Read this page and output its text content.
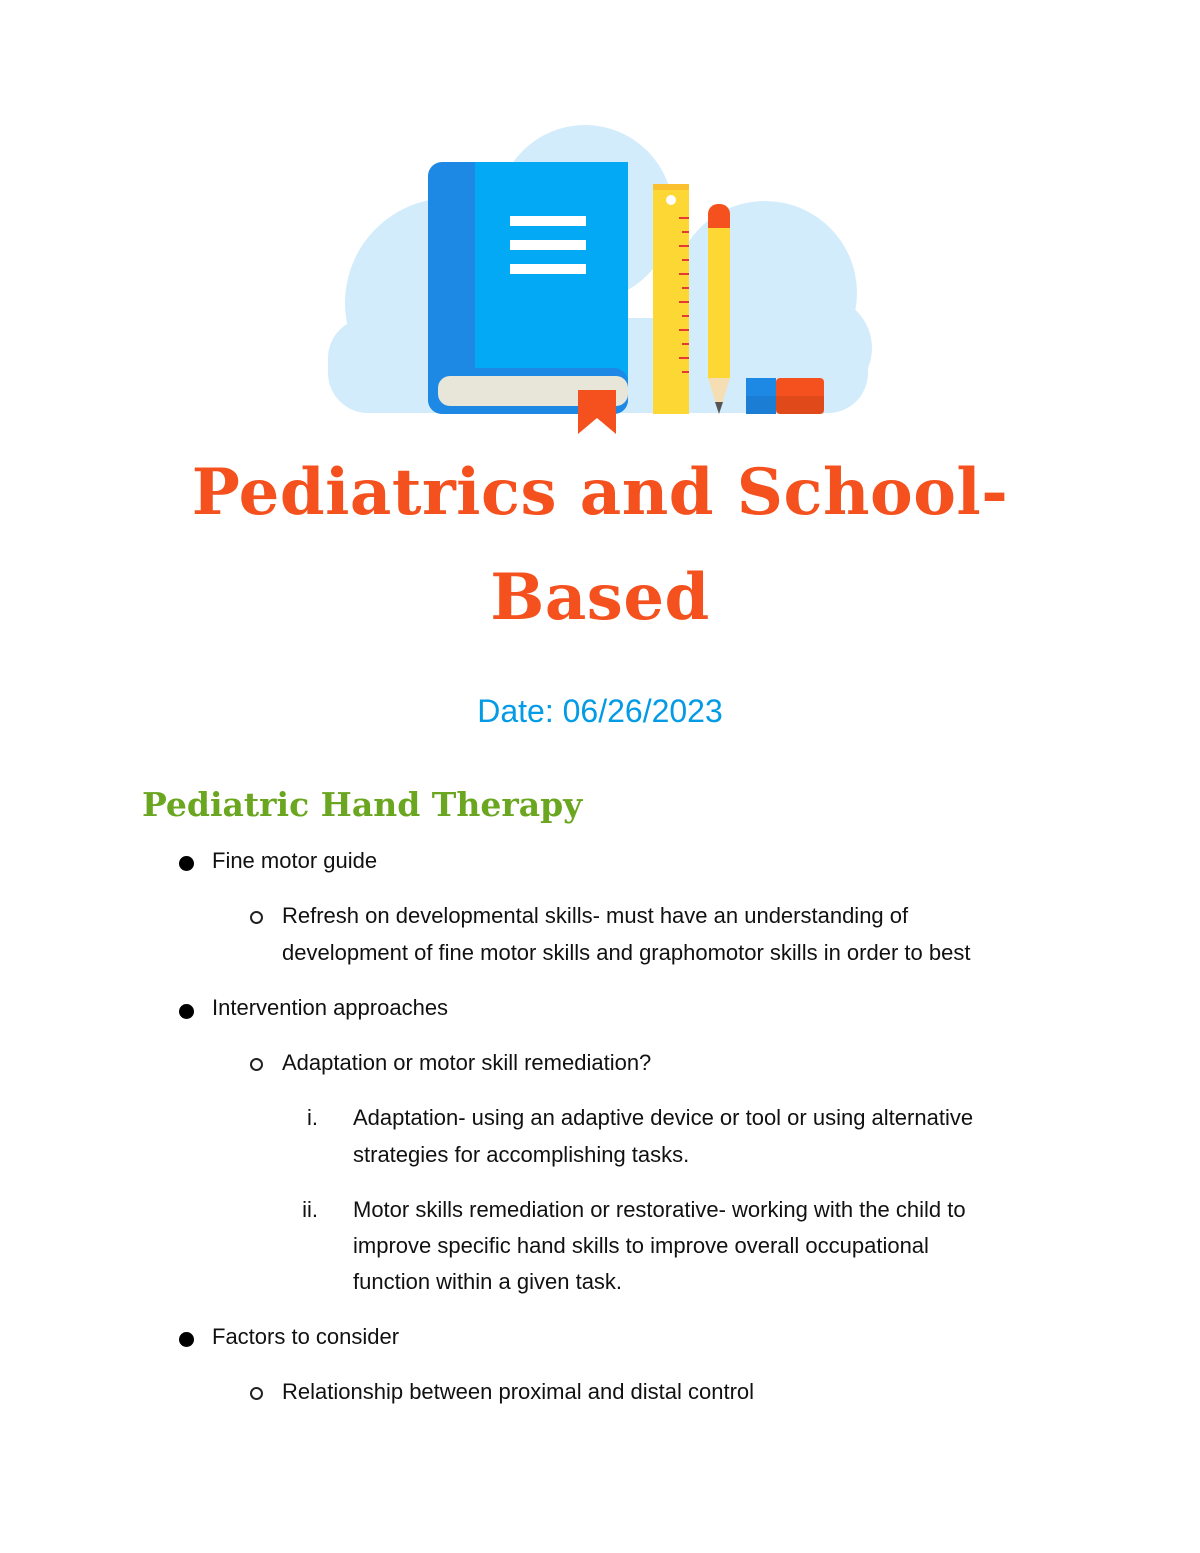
Pediatrics and School-
Based
Date: 06/26/2023
Pediatric Hand Therapy
Fine motor guide
Refresh on developmental skills- must have an understanding of
development of fine motor skills and graphomotor skills in order to best
Intervention approaches
Adaptation or motor skill remediation?
i. Adaptation- using an adaptive device or tool or using alternative
strategies for accomplishing tasks.
ii. Motor skills remediation or restorative- working with the child to
improve specific hand skills to improve overall occupational
function within a given task.
Factors to consider
Relationship between proximal and distal control
